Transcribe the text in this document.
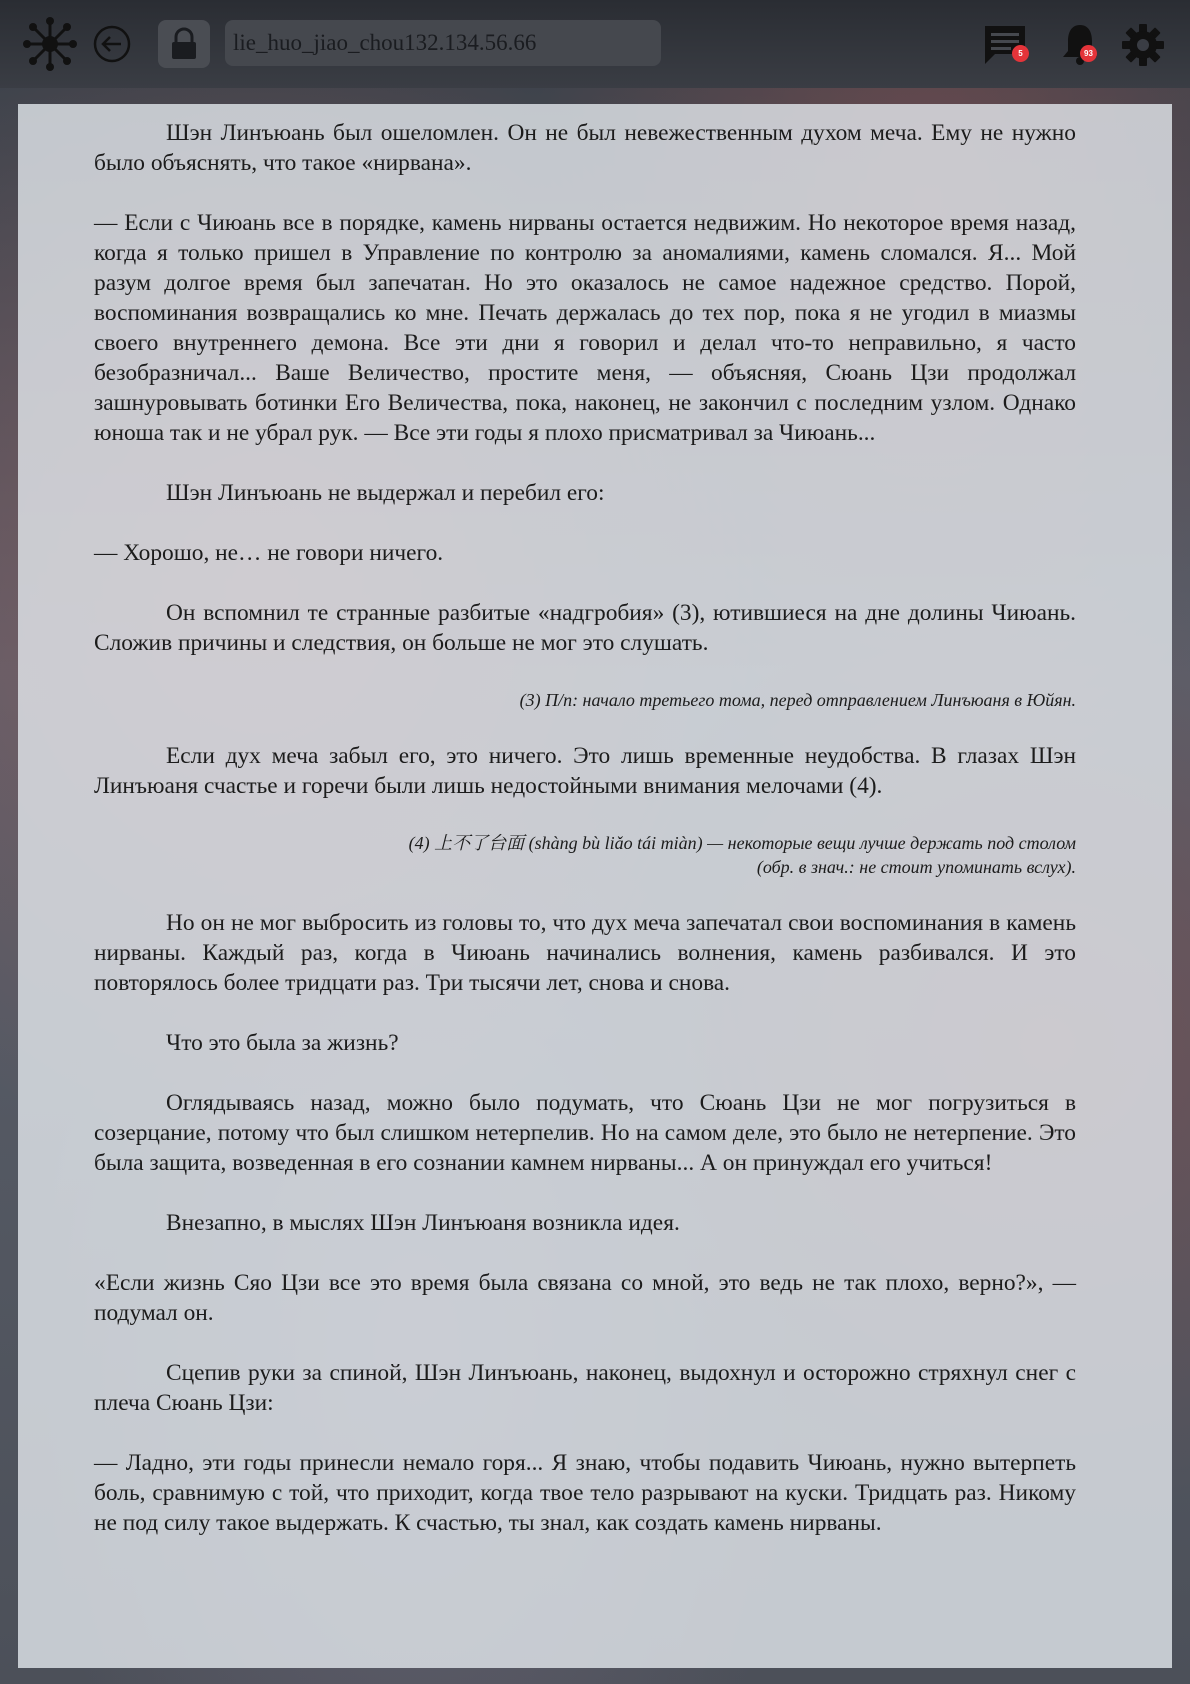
lie_huo_jiao_chou132.134.56.66
5	93

Шэн Линъюань был ошеломлен. Он не был невежественным духом меча. Ему не нужно было объяснять, что такое «нирвана».

— Если с Чиюань все в порядке, камень нирваны остается недвижим. Но некоторое время назад, когда я только пришел в Управление по контролю за аномалиями, камень сломался. Я... Мой разум долгое время был запечатан. Но это оказалось не самое надежное средство. Порой, воспоминания возвращались ко мне. Печать держалась до тех пор, пока я не угодил в миазмы своего внутреннего демона. Все эти дни я говорил и делал что-то неправильно, я часто безобразничал... Ваше Величество, простите меня, — объясняя, Сюань Цзи продолжал зашнуровывать ботинки Его Величества, пока, наконец, не закончил с последним узлом. Однако юноша так и не убрал рук. — Все эти годы я плохо присматривал за Чиюань...

Шэн Линъюань не выдержал и перебил его:

— Хорошо, не… не говори ничего.

Он вспомнил те странные разбитые «надгробия» (3), ютившиеся на дне долины Чиюань. Сложив причины и следствия, он больше не мог это слушать.

(3) П/п: начало третьего тома, перед отправлением Линъюаня в Юйян.

Если дух меча забыл его, это ничего. Это лишь временные неудобства. В глазах Шэн Линъюаня счастье и горечи были лишь недостойными внимания мелочами (4).

(4) 上不了台面 (shàng bù liǎo tái miàn) — некоторые вещи лучше держать под столом
(обр. в знач.: не стоит упоминать вслух).

Но он не мог выбросить из головы то, что дух меча запечатал свои воспоминания в камень нирваны. Каждый раз, когда в Чиюань начинались волнения, камень разбивался. И это повторялось более тридцати раз. Три тысячи лет, снова и снова.

Что это была за жизнь?

Оглядываясь назад, можно было подумать, что Сюань Цзи не мог погрузиться в созерцание, потому что был слишком нетерпелив. Но на самом деле, это было не нетерпение. Это была защита, возведенная в его сознании камнем нирваны... А он принуждал его учиться!

Внезапно, в мыслях Шэн Линъюаня возникла идея.

«Если жизнь Сяо Цзи все это время была связана со мной, это ведь не так плохо, верно?», — подумал он.

Сцепив руки за спиной, Шэн Линъюань, наконец, выдохнул и осторожно стряхнул снег с плеча Сюань Цзи:

— Ладно, эти годы принесли немало горя... Я знаю, чтобы подавить Чиюань, нужно вытерпеть боль, сравнимую с той, что приходит, когда твое тело разрывают на куски. Тридцать раз. Никому не под силу такое выдержать. К счастью, ты знал, как создать камень нирваны.
